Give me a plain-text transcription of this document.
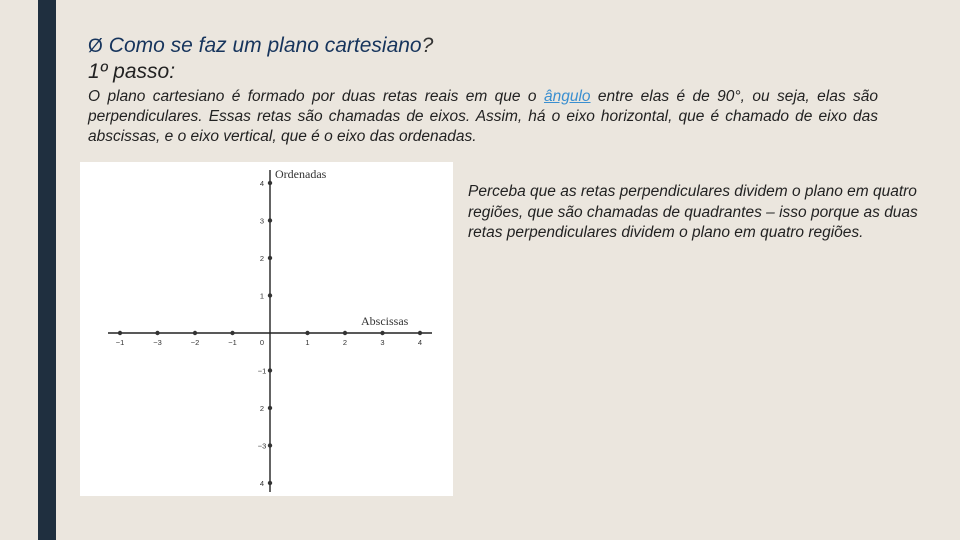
Ø Como se faz um plano cartesiano?
1º passo:
O plano cartesiano é formado por duas retas reais em que o ângulo entre elas é de 90°, ou seja, elas são perpendiculares. Essas retas são chamadas de eixos. Assim, há o eixo horizontal, que é chamado de eixo das abscissas, e o eixo vertical, que é o eixo das ordenadas.
−1	−3	−2	−1	0	1	2	3	4
4
3
2
1
−1
2
−3
4
Ordenadas
Abscissas
Perceba que as retas perpendiculares dividem o plano em quatro regiões, que são chamadas de quadrantes – isso porque as duas retas perpendiculares dividem o plano em quatro regiões.
